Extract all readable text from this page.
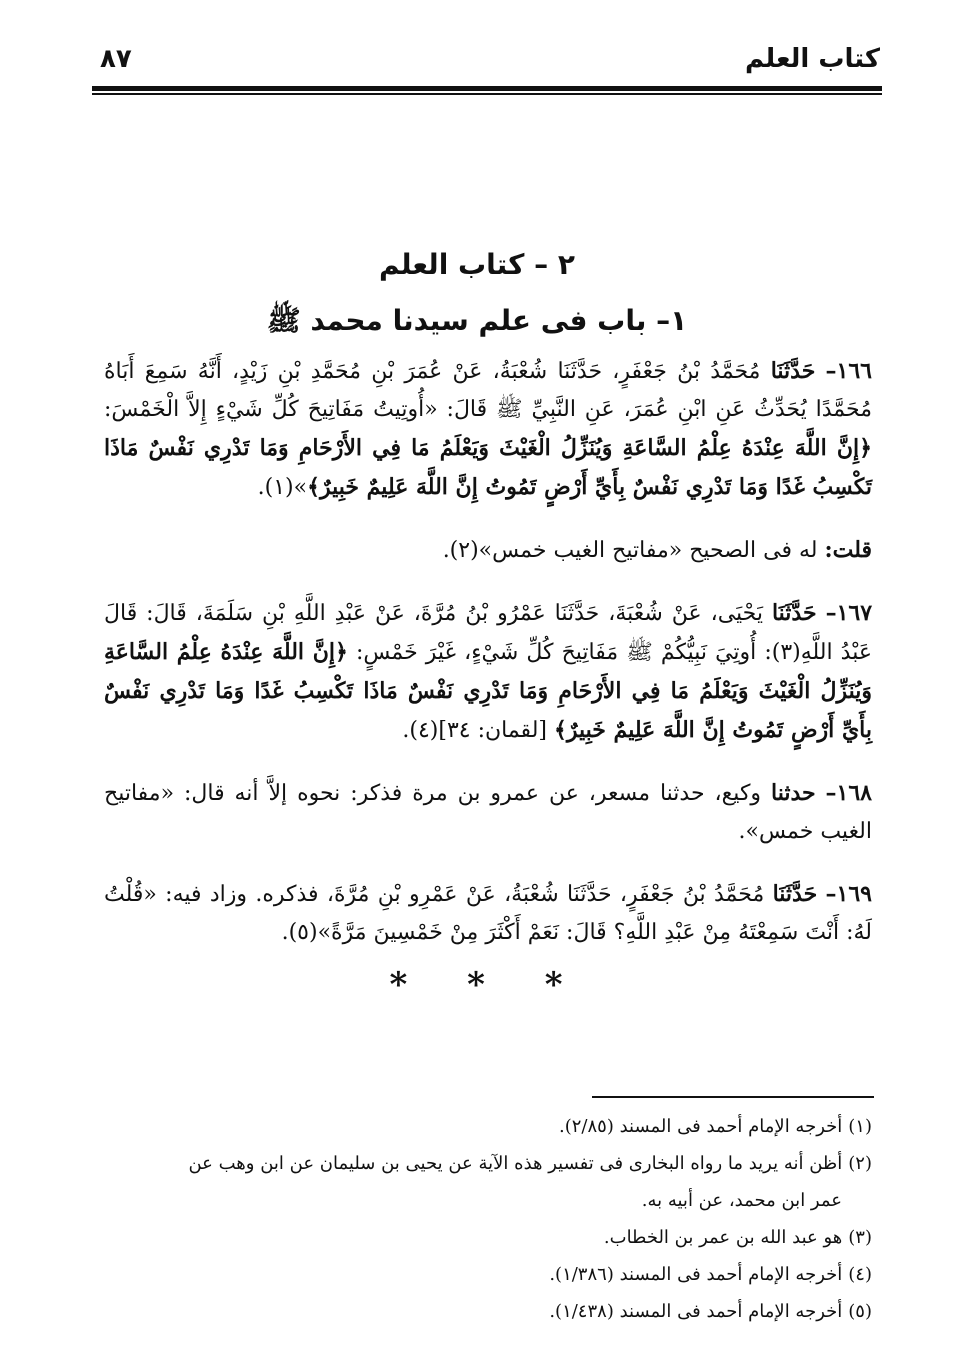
كتاب العلم
٨٧
٢ – كتاب العلم
١– باب فى علم سيدنا محمد ﷺ

١٦٦– حَدَّثَنَا مُحَمَّدُ بْنُ جَعْفَرٍ، حَدَّثَنَا شُعْبَةُ، عَنْ عُمَرَ بْنِ مُحَمَّدِ بْنِ زَيْدٍ، أَنَّهُ سَمِعَ أَبَاهُ مُحَمَّدًا يُحَدِّثُ عَنِ ابْنِ عُمَرَ، عَنِ النَّبِيِّ ﷺ قَالَ: «أُوتِيتُ مَفَاتِيحَ كُلِّ شَيْءٍ إِلاَّ الْخَمْسَ: ﴿إِنَّ اللَّهَ عِنْدَهُ عِلْمُ السَّاعَةِ وَيُنَزِّلُ الْغَيْثَ وَيَعْلَمُ مَا فِي الأَرْحَامِ وَمَا تَدْرِي نَفْسٌ مَاذَا تَكْسِبُ غَدًا وَمَا تَدْرِي نَفْسٌ بِأَيِّ أَرْضٍ تَمُوتُ إِنَّ اللَّهَ عَلِيمٌ خَبِيرٌ﴾»(١).

قلت: له فى الصحيح «مفاتيح الغيب خمس»(٢).

١٦٧– حَدَّثَنَا يَحْيَى، عَنْ شُعْبَةَ، حَدَّثَنَا عَمْرُو بْنُ مُرَّةَ، عَنْ عَبْدِ اللَّهِ بْنِ سَلَمَةَ، قَالَ: قَالَ عَبْدُ اللَّهِ(٣): أُوتِيَ نَبِيُّكُمْ ﷺ مَفَاتِيحَ كُلِّ شَيْءٍ، غَيْرَ خَمْسٍ: ﴿إِنَّ اللَّهَ عِنْدَهُ عِلْمُ السَّاعَةِ وَيُنَزِّلُ الْغَيْثَ وَيَعْلَمُ مَا فِي الأَرْحَامِ وَمَا تَدْرِي نَفْسٌ مَاذَا تَكْسِبُ غَدًا وَمَا تَدْرِي نَفْسٌ بِأَيِّ أَرْضٍ تَمُوتُ إِنَّ اللَّهَ عَلِيمٌ خَبِيرٌ﴾ [لقمان: ٣٤](٤).

١٦٨– حدثنا وكيع، حدثنا مسعر، عن عمرو بن مرة فذكر: نحوه إلاَّ أنه قال: «مفاتيح الغيب خمس».

١٦٩– حَدَّثَنَا مُحَمَّدُ بْنُ جَعْفَرٍ، حَدَّثَنَا شُعْبَةُ، عَنْ عَمْرِو بْنِ مُرَّةَ، فذكره. وزاد فيه: «قُلْتُ لَهُ: أَنْتَ سَمِعْتَهُ مِنْ عَبْدِ اللَّهِ؟ قَالَ: نَعَمْ أَكْثَرَ مِنْ خَمْسِينَ مَرَّةً»(٥).

* * *

(١)أخرجه الإمام أحمد فى المسند (٢/٨٥).

(٢)أظن أنه يريد ما رواه البخارى فى تفسير هذه الآية عن يحيى بن سليمان عن ابن وهب عن
عمر ابن محمد، عن أبيه به.

(٣)هو عبد الله بن عمر بن الخطاب.

(٤)أخرجه الإمام أحمد فى المسند (١/٣٨٦).

(٥)أخرجه الإمام أحمد فى المسند (١/٤٣٨).
